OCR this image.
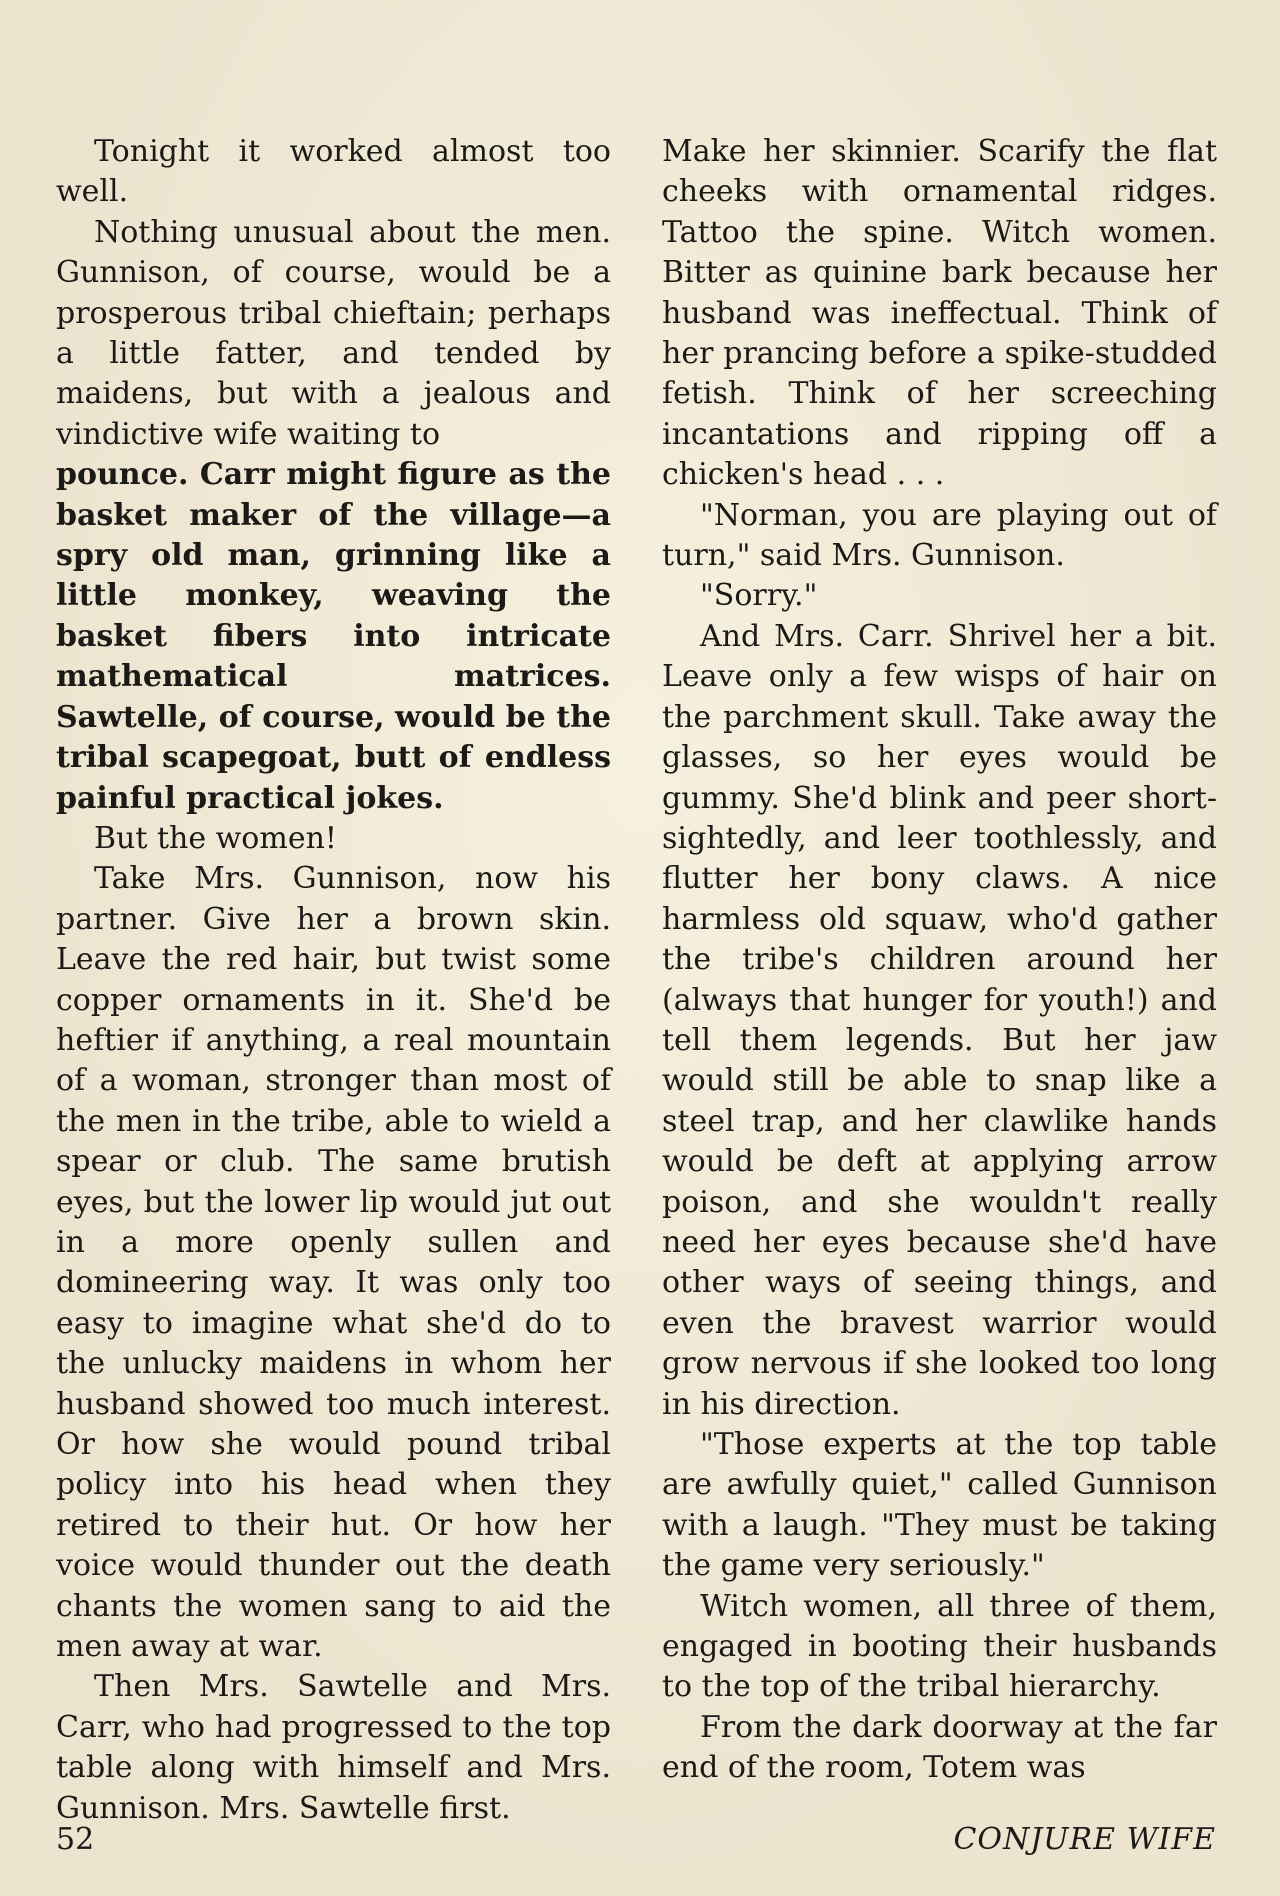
Tonight it worked almost too well.

Nothing unusual about the men. Gunnison, of course, would be a prosperous tribal chieftain; perhaps a little fatter, and tended by maidens, but with a jealous and vindictive wife waiting to

pounce. Carr might figure as the basket maker of the village—a spry old man, grinning like a little monkey, weaving the basket fibers into intricate mathematical matrices. Sawtelle, of course, would be the tribal scapegoat, butt of endless painful practical jokes.

But the women!

Take Mrs. Gunnison, now his partner. Give her a brown skin. Leave the red hair, but twist some copper ornaments in it. She'd be heftier if anything, a real mountain of a woman, stronger than most of the men in the tribe, able to wield a spear or club. The same brutish eyes, but the lower lip would jut out in a more openly sullen and domineering way. It was only too easy to imagine what she'd do to the unlucky maidens in whom her husband showed too much interest. Or how she would pound tribal policy into his head when they retired to their hut. Or how her voice would thunder out the death chants the women sang to aid the men away at war.

Then Mrs. Sawtelle and Mrs. Carr, who had progressed to the top table along with himself and Mrs. Gunnison. Mrs. Sawtelle first.

Make her skinnier. Scarify the flat cheeks with ornamental ridges. Tattoo the spine. Witch women. Bitter as quinine bark because her husband was ineffectual. Think of her prancing before a spike-studded fetish. Think of her screeching incantations and ripping off a chicken's head . . .

"Norman, you are playing out of turn," said Mrs. Gunnison.

"Sorry."

And Mrs. Carr. Shrivel her a bit. Leave only a few wisps of hair on the parchment skull. Take away the glasses, so her eyes would be gummy. She'd blink and peer short-sightedly, and leer toothlessly, and flutter her bony claws. A nice harmless old squaw, who'd gather the tribe's children around her (always that hunger for youth!) and tell them legends. But her jaw would still be able to snap like a steel trap, and her clawlike hands would be deft at applying arrow poison, and she wouldn't really need her eyes because she'd have other ways of seeing things, and even the bravest warrior would grow nervous if she looked too long in his direction.

"Those experts at the top table are awfully quiet," called Gunnison with a laugh. "They must be taking the game very seriously."

Witch women, all three of them, engaged in booting their husbands to the top of the tribal hierarchy.

From the dark doorway at the far end of the room, Totem was

52	CONJURE WIFE
